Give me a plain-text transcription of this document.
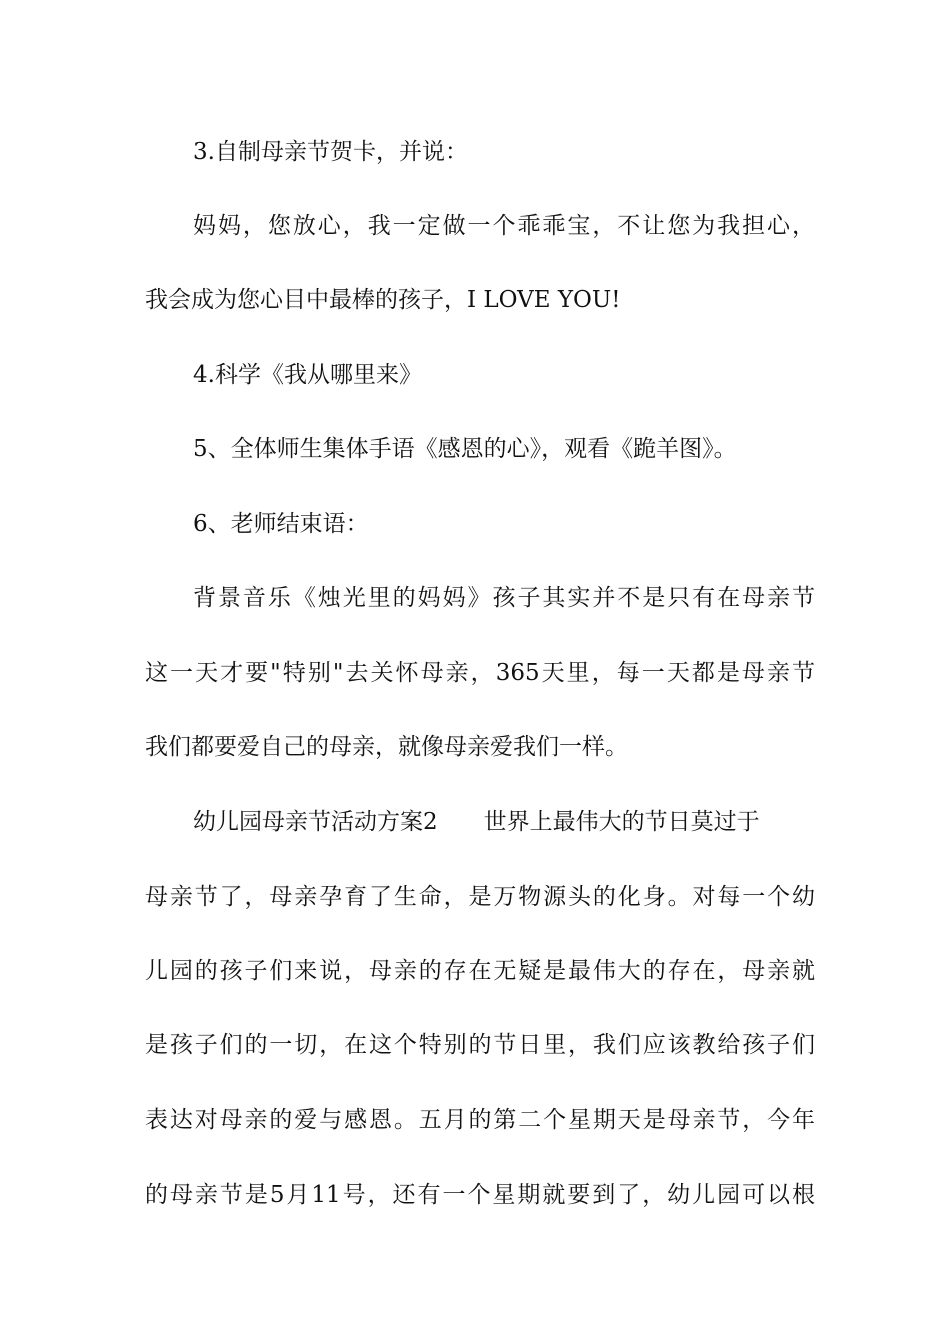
3.自制母亲节贺卡，并说：
妈妈，您放心，我一定做一个乖乖宝，不让您为我担心，
我会成为您心目中最棒的孩子，I LOVE YOU!
4.科学《我从哪里来》
5、全体师生集体手语《感恩的心》，观看《跪羊图》。
6、老师结束语：
背景音乐《烛光里的妈妈》孩子其实并不是只有在母亲节
这一天才要"特别"去关怀母亲，365天里，每一天都是母亲节
我们都要爱自己的母亲，就像母亲爱我们一样。
幼儿园母亲节活动方案2 世界上最伟大的节日莫过于
母亲节了，母亲孕育了生命，是万物源头的化身。对每一个幼
儿园的孩子们来说，母亲的存在无疑是最伟大的存在，母亲就
是孩子们的一切，在这个特别的节日里，我们应该教给孩子们
表达对母亲的爱与感恩。五月的第二个星期天是母亲节，今年
的母亲节是5月11号，还有一个星期就要到了，幼儿园可以根
